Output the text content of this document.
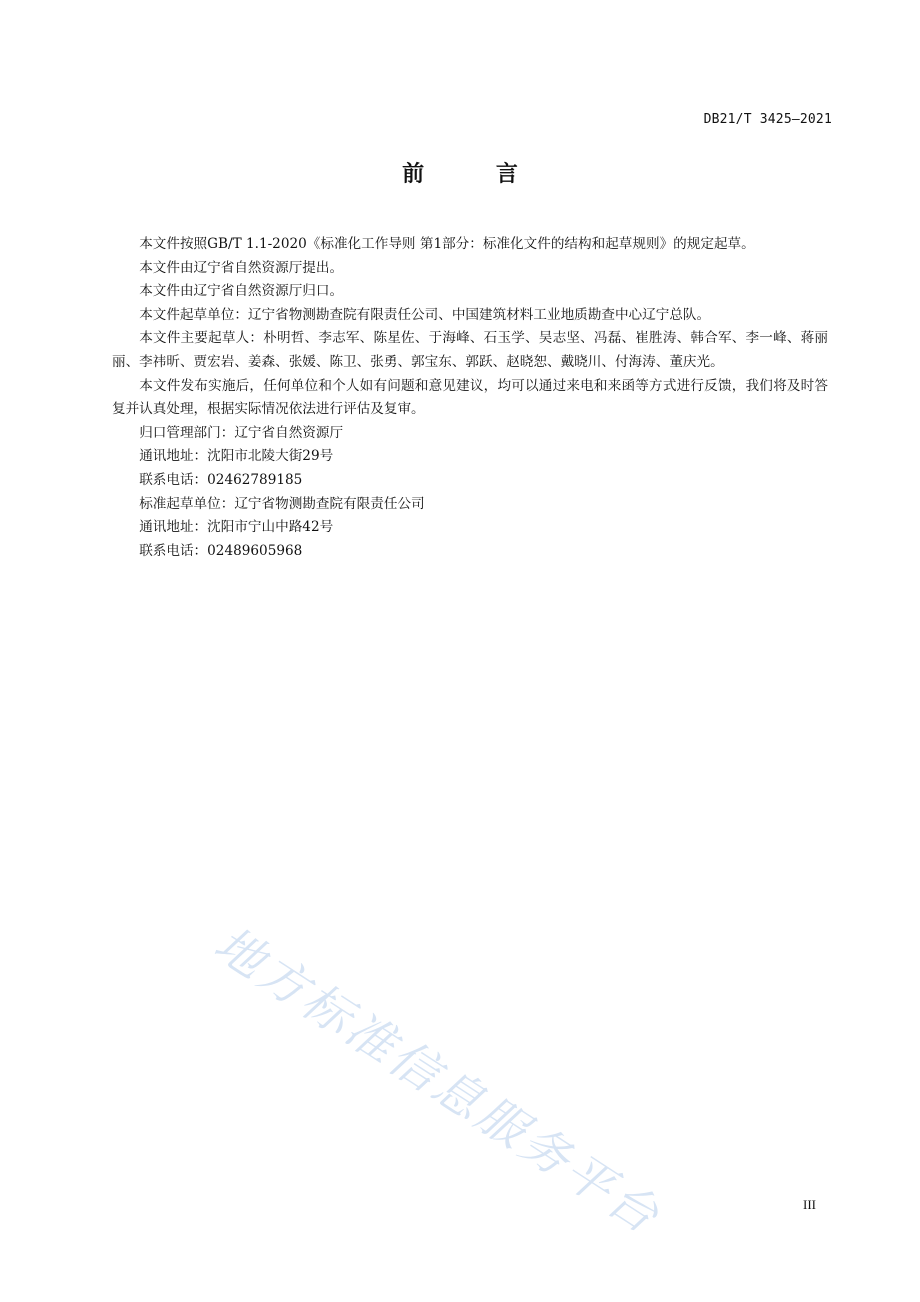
DB21/T 3425—2021
前 言

本文件按照GB/T 1.1-2020《标准化工作导则 第1部分：标准化文件的结构和起草规则》的规定起草。

本文件由辽宁省自然资源厅提出。

本文件由辽宁省自然资源厅归口。

本文件起草单位：辽宁省物测勘查院有限责任公司、中国建筑材料工业地质勘查中心辽宁总队。

本文件主要起草人：朴明哲、李志军、陈星佐、于海峰、石玉学、吴志坚、冯磊、崔胜涛、韩合军、李一峰、蒋丽丽、李祎昕、贾宏岩、姜森、张媛、陈卫、张勇、郭宝东、郭跃、赵晓恕、戴晓川、付海涛、董庆光。

本文件发布实施后，任何单位和个人如有问题和意见建议，均可以通过来电和来函等方式进行反馈，我们将及时答复并认真处理，根据实际情况依法进行评估及复审。

归口管理部门：辽宁省自然资源厅

通讯地址：沈阳市北陵大街29号

联系电话：02462789185

标准起草单位：辽宁省物测勘查院有限责任公司

通讯地址：沈阳市宁山中路42号

联系电话：02489605968

地方标准信息服务平台	III
